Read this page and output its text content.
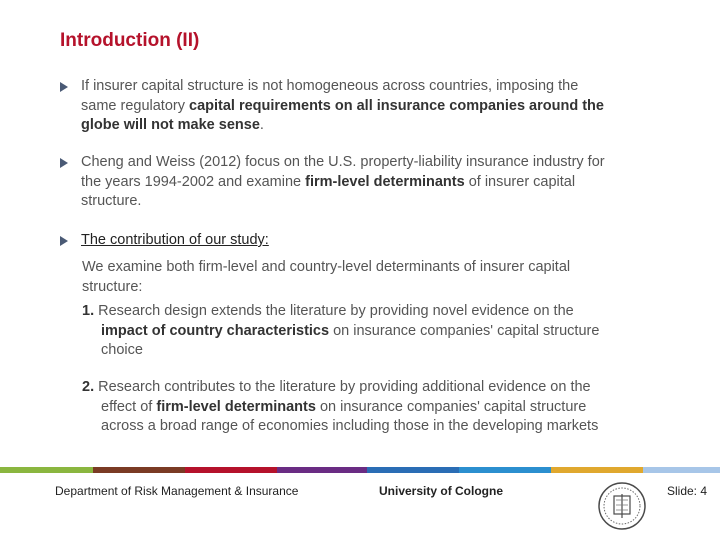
Introduction (II)
If insurer capital structure is not homogeneous across countries, imposing the
same regulatory capital requirements on all insurance companies around the
globe will not make sense.
Cheng and Weiss (2012) focus on the U.S. property-liability insurance industry for
the years 1994-2002 and examine firm-level determinants of insurer capital
structure.
The contribution of our study:
We examine both firm-level and country-level determinants of insurer capital
structure:
1. Research design extends the literature by providing novel evidence on the
impact of country characteristics on insurance companies' capital structure
choice
2. Research contributes to the literature by providing additional evidence on the
effect of firm-level determinants on insurance companies' capital structure
across a broad range of economies including those in the developing markets
Department of Risk Management & Insurance	University of Cologne	Slide: 4
